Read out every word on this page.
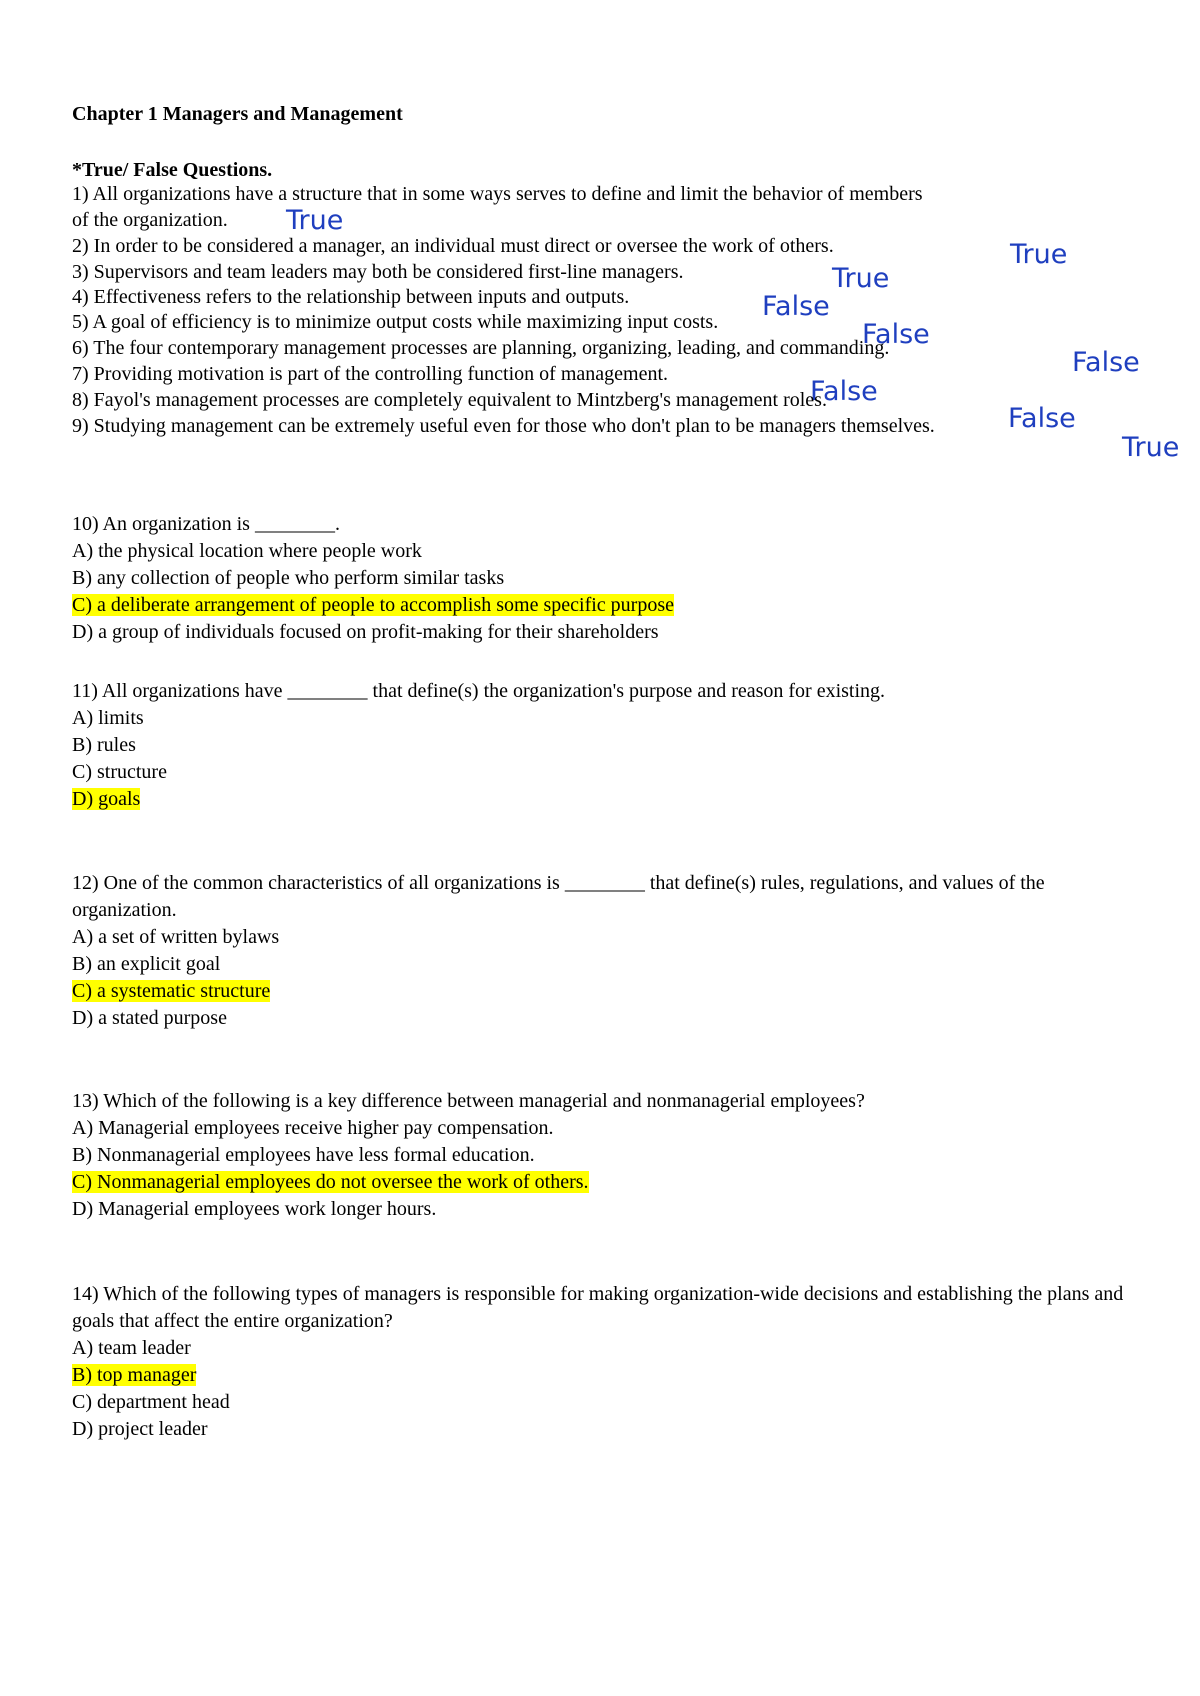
Chapter 1 Managers and Management
*True/ False Questions.
1) All organizations have a structure that in some ways serves to define and limit the behavior of members
of the organization. True
2) In order to be considered a manager, an individual must direct or oversee the work of others.	True
3) Supervisors and team leaders may both be considered first-line managers.	True
4) Effectiveness refers to the relationship between inputs and outputs.	False
5) A goal of efficiency is to minimize output costs while maximizing input costs.	False
6) The four contemporary management processes are planning, organizing, leading, and commanding.	False
7) Providing motivation is part of the controlling function of management.
False
8) Fayol's management processes are completely equivalent to Mintzberg's management roles.
False
9) Studying management can be extremely useful even for those who don't plan to be managers themselves.
True
10) An organization is ________.
A) the physical location where people work
B) any collection of people who perform similar tasks
C) a deliberate arrangement of people to accomplish some specific purpose
D) a group of individuals focused on profit-making for their shareholders
11) All organizations have ________ that define(s) the organization's purpose and reason for existing.
A) limits
B) rules
C) structure
D) goals
12) One of the common characteristics of all organizations is ________ that define(s) rules, regulations, and values of the organization.
A) a set of written bylaws
B) an explicit goal
C) a systematic structure
D) a stated purpose
13) Which of the following is a key difference between managerial and nonmanagerial employees?
A) Managerial employees receive higher pay compensation.
B) Nonmanagerial employees have less formal education.
C) Nonmanagerial employees do not oversee the work of others.
D) Managerial employees work longer hours.
14) Which of the following types of managers is responsible for making organization-wide decisions and establishing the plans and goals that affect the entire organization?
A) team leader
B) top manager
C) department head
D) project leader
